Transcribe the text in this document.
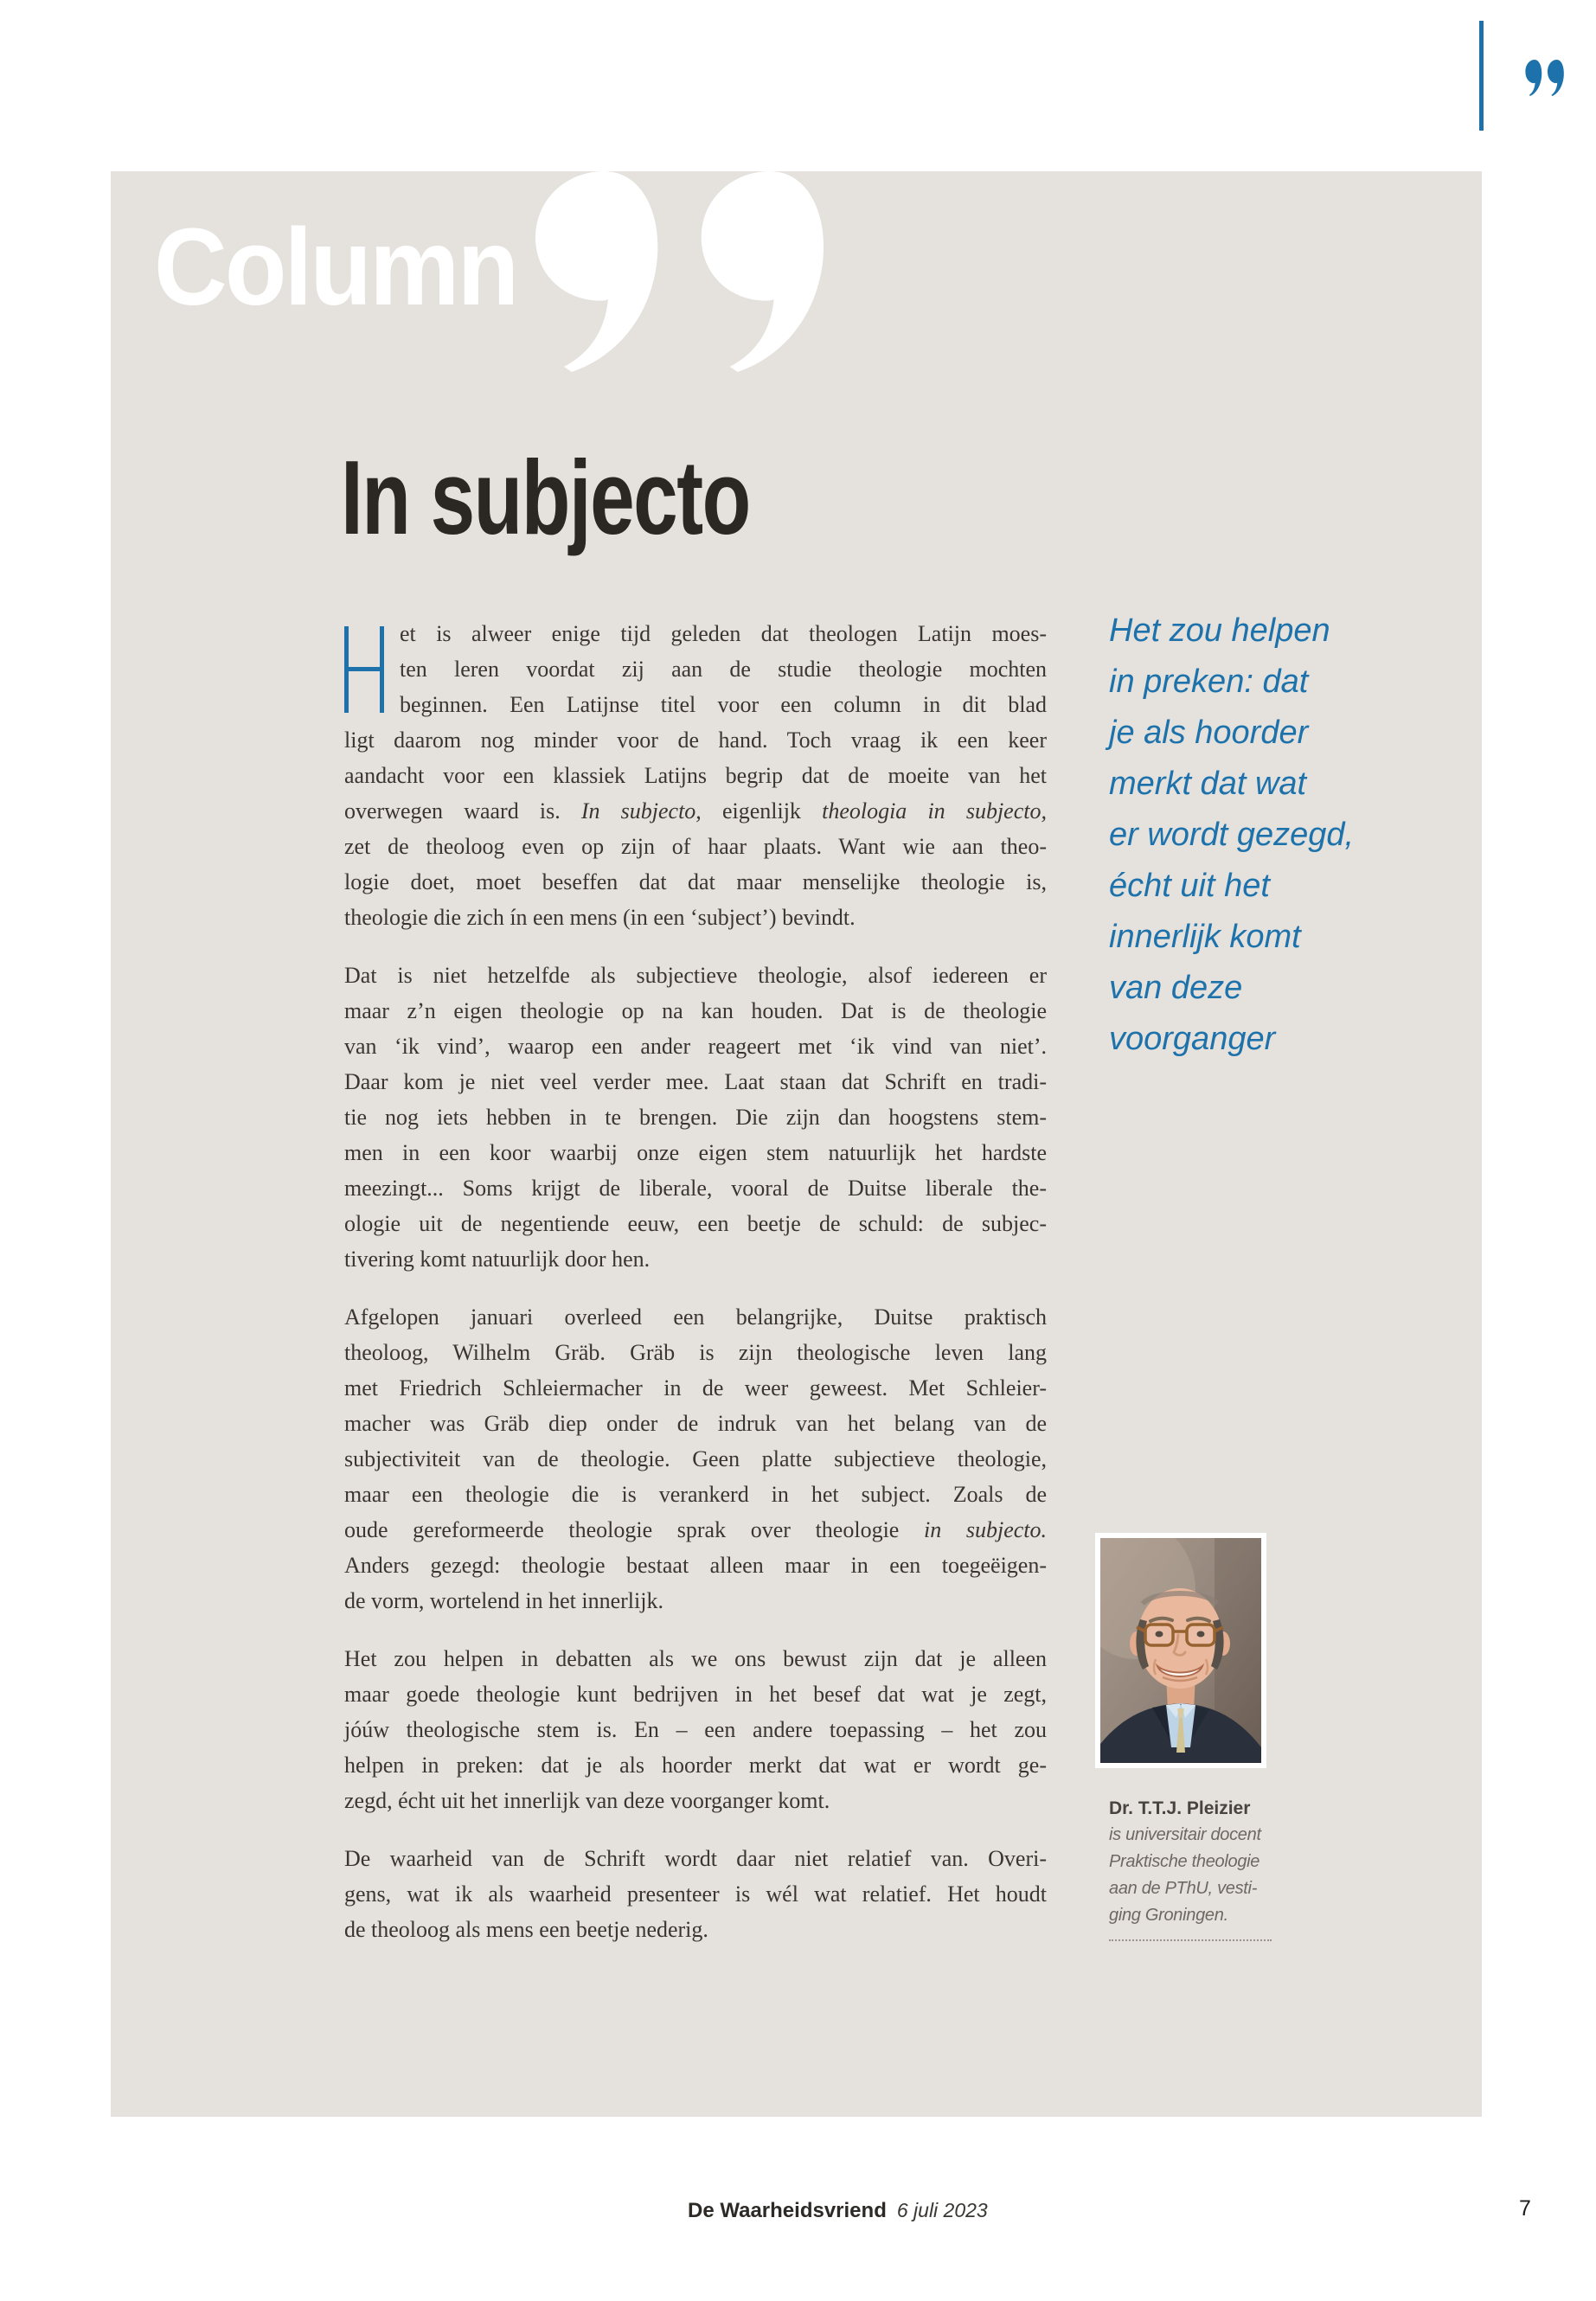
Column
In subjecto
et is alweer enige tijd geleden dat theologen Latijn moes-
ten leren voordat zij aan de studie theologie mochten
beginnen. Een Latijnse titel voor een column in dit blad
ligt daarom nog minder voor de hand. Toch vraag ik een keer
aandacht voor een klassiek Latijns begrip dat de moeite van het
overwegen waard is. In subjecto, eigenlijk theologia in subjecto,
zet de theoloog even op zijn of haar plaats. Want wie aan theo-
logie doet, moet beseffen dat dat maar menselijke theologie is,
theologie die zich ín een mens (in een ‘subject’) bevindt.
Dat is niet hetzelfde als subjectieve theologie, alsof iedereen er
maar z’n eigen theologie op na kan houden. Dat is de theologie
van ‘ik vind’, waarop een ander reageert met ‘ik vind van niet’.
Daar kom je niet veel verder mee. Laat staan dat Schrift en tradi-
tie nog iets hebben in te brengen. Die zijn dan hoogstens stem-
men in een koor waarbij onze eigen stem natuurlijk het hardste
meezingt... Soms krijgt de liberale, vooral de Duitse liberale the-
ologie uit de negentiende eeuw, een beetje de schuld: de subjec-
tivering komt natuurlijk door hen.
Afgelopen januari overleed een belangrijke, Duitse praktisch
theoloog, Wilhelm Gräb. Gräb is zijn theologische leven lang
met Friedrich Schleiermacher in de weer geweest. Met Schleier-
macher was Gräb diep onder de indruk van het belang van de
subjectiviteit van de theologie. Geen platte subjectieve theologie,
maar een theologie die is verankerd in het subject. Zoals de
oude gereformeerde theologie sprak over theologie in subjecto.
Anders gezegd: theologie bestaat alleen maar in een toegeëigen-
de vorm, wortelend in het innerlijk.
Het zou helpen in debatten als we ons bewust zijn dat je alleen
maar goede theologie kunt bedrijven in het besef dat wat je zegt,
jóúw theologische stem is. En – een andere toepassing – het zou
helpen in preken: dat je als hoorder merkt dat wat er wordt ge-
zegd, écht uit het innerlijk van deze voorganger komt.
De waarheid van de Schrift wordt daar niet relatief van. Overi-
gens, wat ik als waarheid presenteer is wél wat relatief. Het houdt
de theoloog als mens een beetje nederig.
Het zou helpen
in preken: dat
je als hoorder
merkt dat wat
er wordt gezegd,
écht uit het
innerlijk komt
van deze
voorganger
Dr. T.T.J. Pleizier
is universitair docent
Praktische theologie
aan de PThU, vesti-
ging Groningen.
De Waarheidsvriend 6 juli 2023	7
